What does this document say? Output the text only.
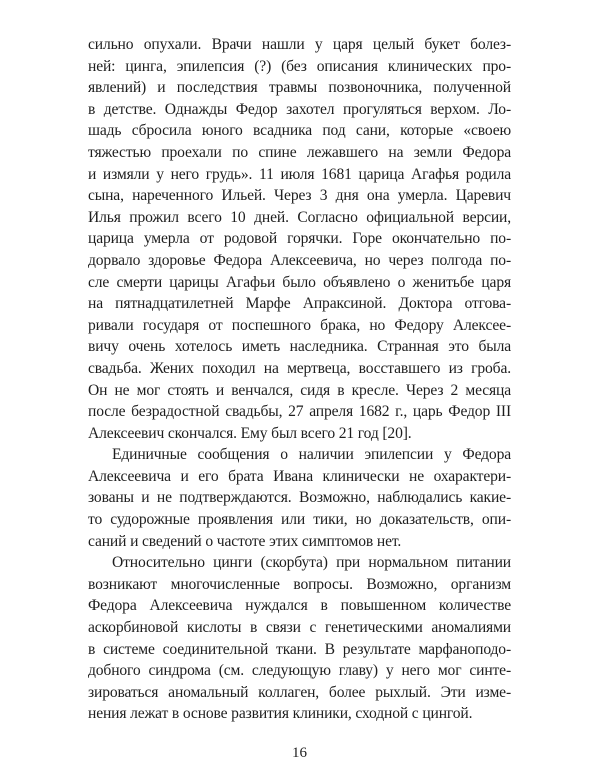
сильно опухали. Врачи нашли у царя целый букет болез-
ней: цинга, эпилепсия (?) (без описания клинических про-
явлений) и последствия травмы позвоночника, полученной
в детстве. Однажды Федор захотел прогуляться верхом. Ло-
шадь сбросила юного всадника под сани, которые «своею
тяжестью проехали по спине лежавшего на земли Федора
и измяли у него грудь». 11 июля 1681 царица Агафья родила
сына, нареченного Ильей. Через 3 дня она умерла. Царевич
Илья прожил всего 10 дней. Согласно официальной версии,
царица умерла от родовой горячки. Горе окончательно по-
дорвало здоровье Федора Алексеевича, но через полгода по-
сле смерти царицы Агафьи было объявлено о женитьбе царя
на пятнадцатилетней Марфе Апраксиной. Доктора отгова-
ривали государя от поспешного брака, но Федору Алексее-
вичу очень хотелось иметь наследника. Странная это была
свадьба. Жених походил на мертвеца, восставшего из гроба.
Он не мог стоять и венчался, сидя в кресле. Через 2 месяца
после безрадостной свадьбы, 27 апреля 1682 г., царь Федор III
Алексеевич скончался. Ему был всего 21 год [20].
Единичные сообщения о наличии эпилепсии у Федора
Алексеевича и его брата Ивана клинически не охарактери-
зованы и не подтверждаются. Возможно, наблюдались какие-
то судорожные проявления или тики, но доказательств, опи-
саний и сведений о частоте этих симптомов нет.
Относительно цинги (скорбута) при нормальном питании
возникают многочисленные вопросы. Возможно, организм
Федора Алексеевича нуждался в повышенном количестве
аскорбиновой кислоты в связи с генетическими аномалиями
в системе соединительной ткани. В результате марфаноподо-
добного синдрома (см. следующую главу) у него мог синте-
зироваться аномальный коллаген, более рыхлый. Эти изме-
нения лежат в основе развития клиники, сходной с цингой.
16
